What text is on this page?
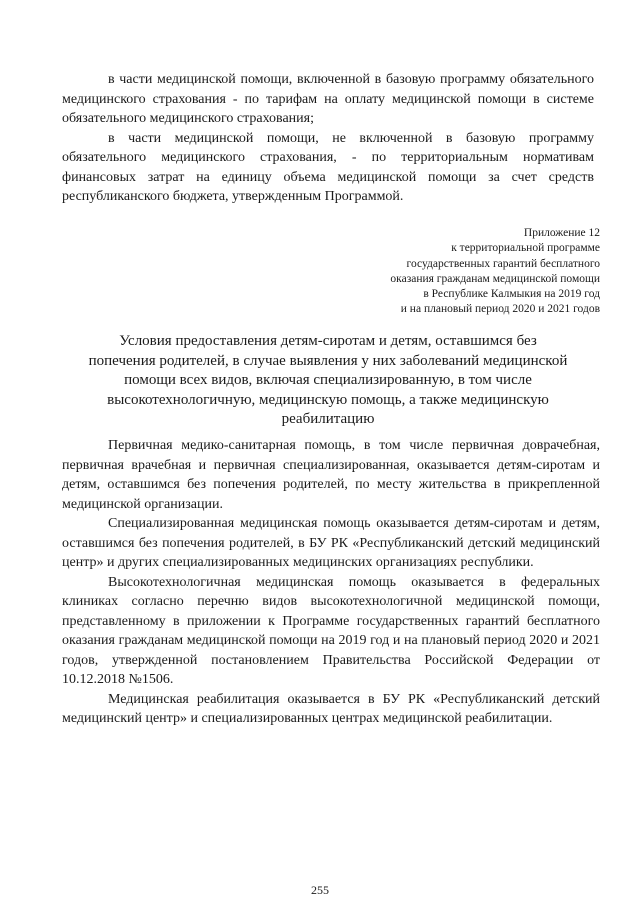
в части медицинской помощи, включенной в базовую программу обязательного медицинского страхования - по тарифам на оплату медицинской помощи в системе обязательного медицинского страхования;

в части медицинской помощи, не включенной в базовую программу обязательного медицинского страхования, - по территориальным нормативам финансовых затрат на единицу объема медицинской помощи за счет средств республиканского бюджета, утвержденным Программой.

Приложение 12
к территориальной программе
государственных гарантий бесплатного
оказания гражданам медицинской помощи
в Республике Калмыкия на 2019 год
и на плановый период 2020 и 2021 годов
Условия предоставления детям-сиротам и детям, оставшимся без
попечения родителей, в случае выявления у них заболеваний медицинской
помощи всех видов, включая специализированную, в том числе
высокотехнологичную, медицинскую помощь, а также медицинскую
реабилитацию

Первичная медико-санитарная помощь, в том числе первичная доврачебная, первичная врачебная и первичная специализированная, оказывается детям-сиротам и детям, оставшимся без попечения родителей, по месту жительства в прикрепленной медицинской организации.

Специализированная медицинская помощь оказывается детям-сиротам и детям, оставшимся без попечения родителей, в БУ РК «Республиканский детский медицинский центр» и других специализированных медицинских организациях республики.

Высокотехнологичная медицинская помощь оказывается в федеральных клиниках согласно перечню видов высокотехнологичной медицинской помощи, представленному в приложении к Программе государственных гарантий бесплатного оказания гражданам медицинской помощи на 2019 год и на плановый период 2020 и 2021 годов, утвержденной постановлением Правительства Российской Федерации от 10.12.2018 №1506.

Медицинская реабилитация оказывается в БУ РК «Республиканский детский медицинский центр» и специализированных центрах медицинской реабилитации.

255
